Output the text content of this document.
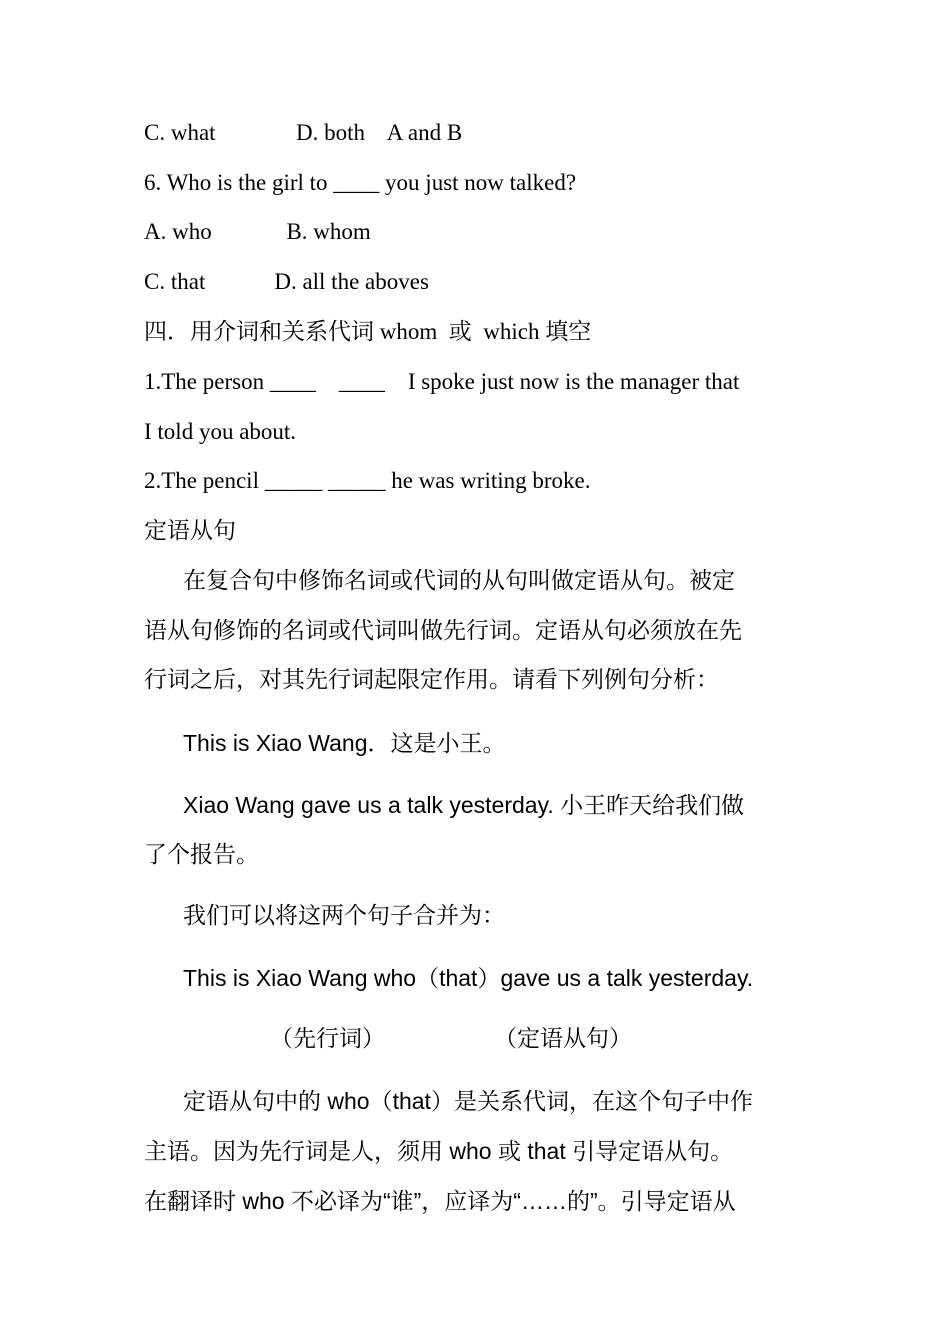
C. what              D. both    A and B
6. Who is the girl to ____ you just now talked?
A. who             B. whom
C. that            D. all the aboves
四．用介词和关系代词 whom  或  which 填空
1.The person ____    ____    I spoke just now is the manager that
I told you about.
2.The pencil _____ _____ he was writing broke.
定语从句
在复合句中修饰名词或代词的从句叫做定语从句。被定
语从句修饰的名词或代词叫做先行词。定语从句必须放在先
行词之后，对其先行词起限定作用。请看下列例句分析：
This is Xiao Wang．这是小王。
Xiao Wang gave us a talk yesterday. 小王昨天给我们做
了个报告。
我们可以将这两个句子合并为：
This is Xiao Wang who（that）gave us a talk yesterday.
（先行词）	（定语从句）
定语从句中的 who（that）是关系代词，在这个句子中作
主语。因为先行词是人，须用 who 或 that 引导定语从句。
在翻译时 who 不必译为“谁”，应译为“……的”。引导定语从
